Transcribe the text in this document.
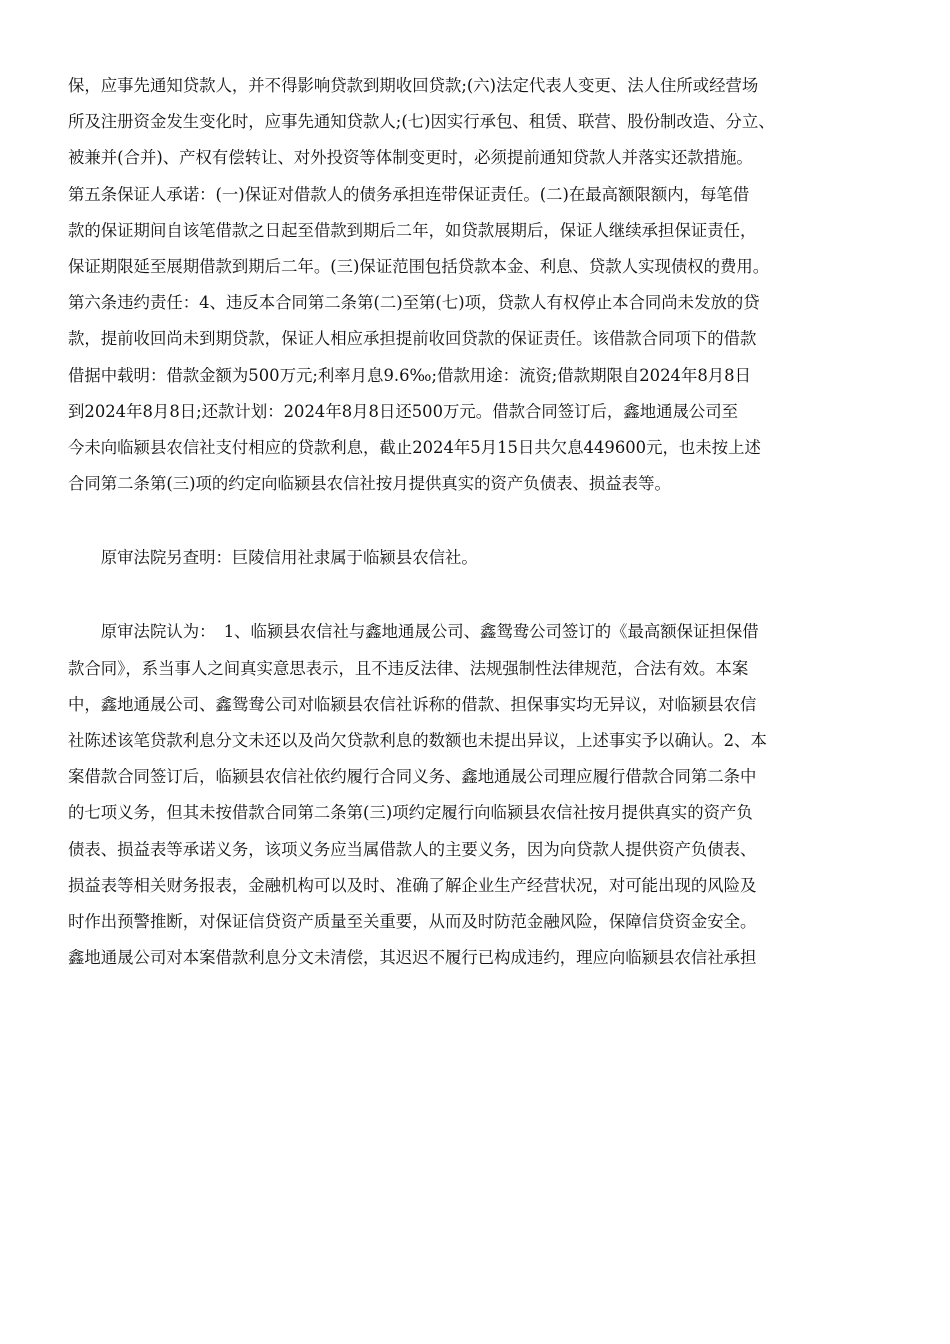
保，应事先通知贷款人，并不得影响贷款到期收回贷款;(六)法定代表人变更、法人住所或经营场
所及注册资金发生变化时，应事先通知贷款人;(七)因实行承包、租赁、联营、股份制改造、分立、
被兼并(合并)、产权有偿转让、对外投资等体制变更时，必须提前通知贷款人并落实还款措施。
第五条保证人承诺：(一)保证对借款人的债务承担连带保证责任。(二)在最高额限额内，每笔借
款的保证期间自该笔借款之日起至借款到期后二年，如贷款展期后，保证人继续承担保证责任，
保证期限延至展期借款到期后二年。(三)保证范围包括贷款本金、利息、贷款人实现债权的费用。
第六条违约责任：4、违反本合同第二条第(二)至第(七)项，贷款人有权停止本合同尚未发放的贷
款，提前收回尚未到期贷款，保证人相应承担提前收回贷款的保证责任。该借款合同项下的借款
借据中载明：借款金额为500万元;利率月息9.6‰;借款用途：流资;借款期限自2024年8月8日
到2024年8月8日;还款计划：2024年8月8日还500万元。借款合同签订后，鑫地通晟公司至
今未向临颍县农信社支付相应的贷款利息，截止2024年5月15日共欠息449600元，也未按上述
合同第二条第(三)项的约定向临颍县农信社按月提供真实的资产负债表、损益表等。
　　原审法院另查明：巨陵信用社隶属于临颍县农信社。
　　原审法院认为：　1、临颍县农信社与鑫地通晟公司、鑫鸳鸯公司签订的《最高额保证担保借
款合同》，系当事人之间真实意思表示，且不违反法律、法规强制性法律规范，合法有效。本案
中，鑫地通晟公司、鑫鸳鸯公司对临颍县农信社诉称的借款、担保事实均无异议，对临颍县农信
社陈述该笔贷款利息分文未还以及尚欠贷款利息的数额也未提出异议，上述事实予以确认。2、本
案借款合同签订后，临颍县农信社依约履行合同义务、鑫地通晟公司理应履行借款合同第二条中
的七项义务，但其未按借款合同第二条第(三)项约定履行向临颍县农信社按月提供真实的资产负
债表、损益表等承诺义务，该项义务应当属借款人的主要义务，因为向贷款人提供资产负债表、
损益表等相关财务报表，金融机构可以及时、准确了解企业生产经营状况，对可能出现的风险及
时作出预警推断，对保证信贷资产质量至关重要，从而及时防范金融风险，保障信贷资金安全。
鑫地通晟公司对本案借款利息分文未清偿，其迟迟不履行已构成违约，理应向临颍县农信社承担
